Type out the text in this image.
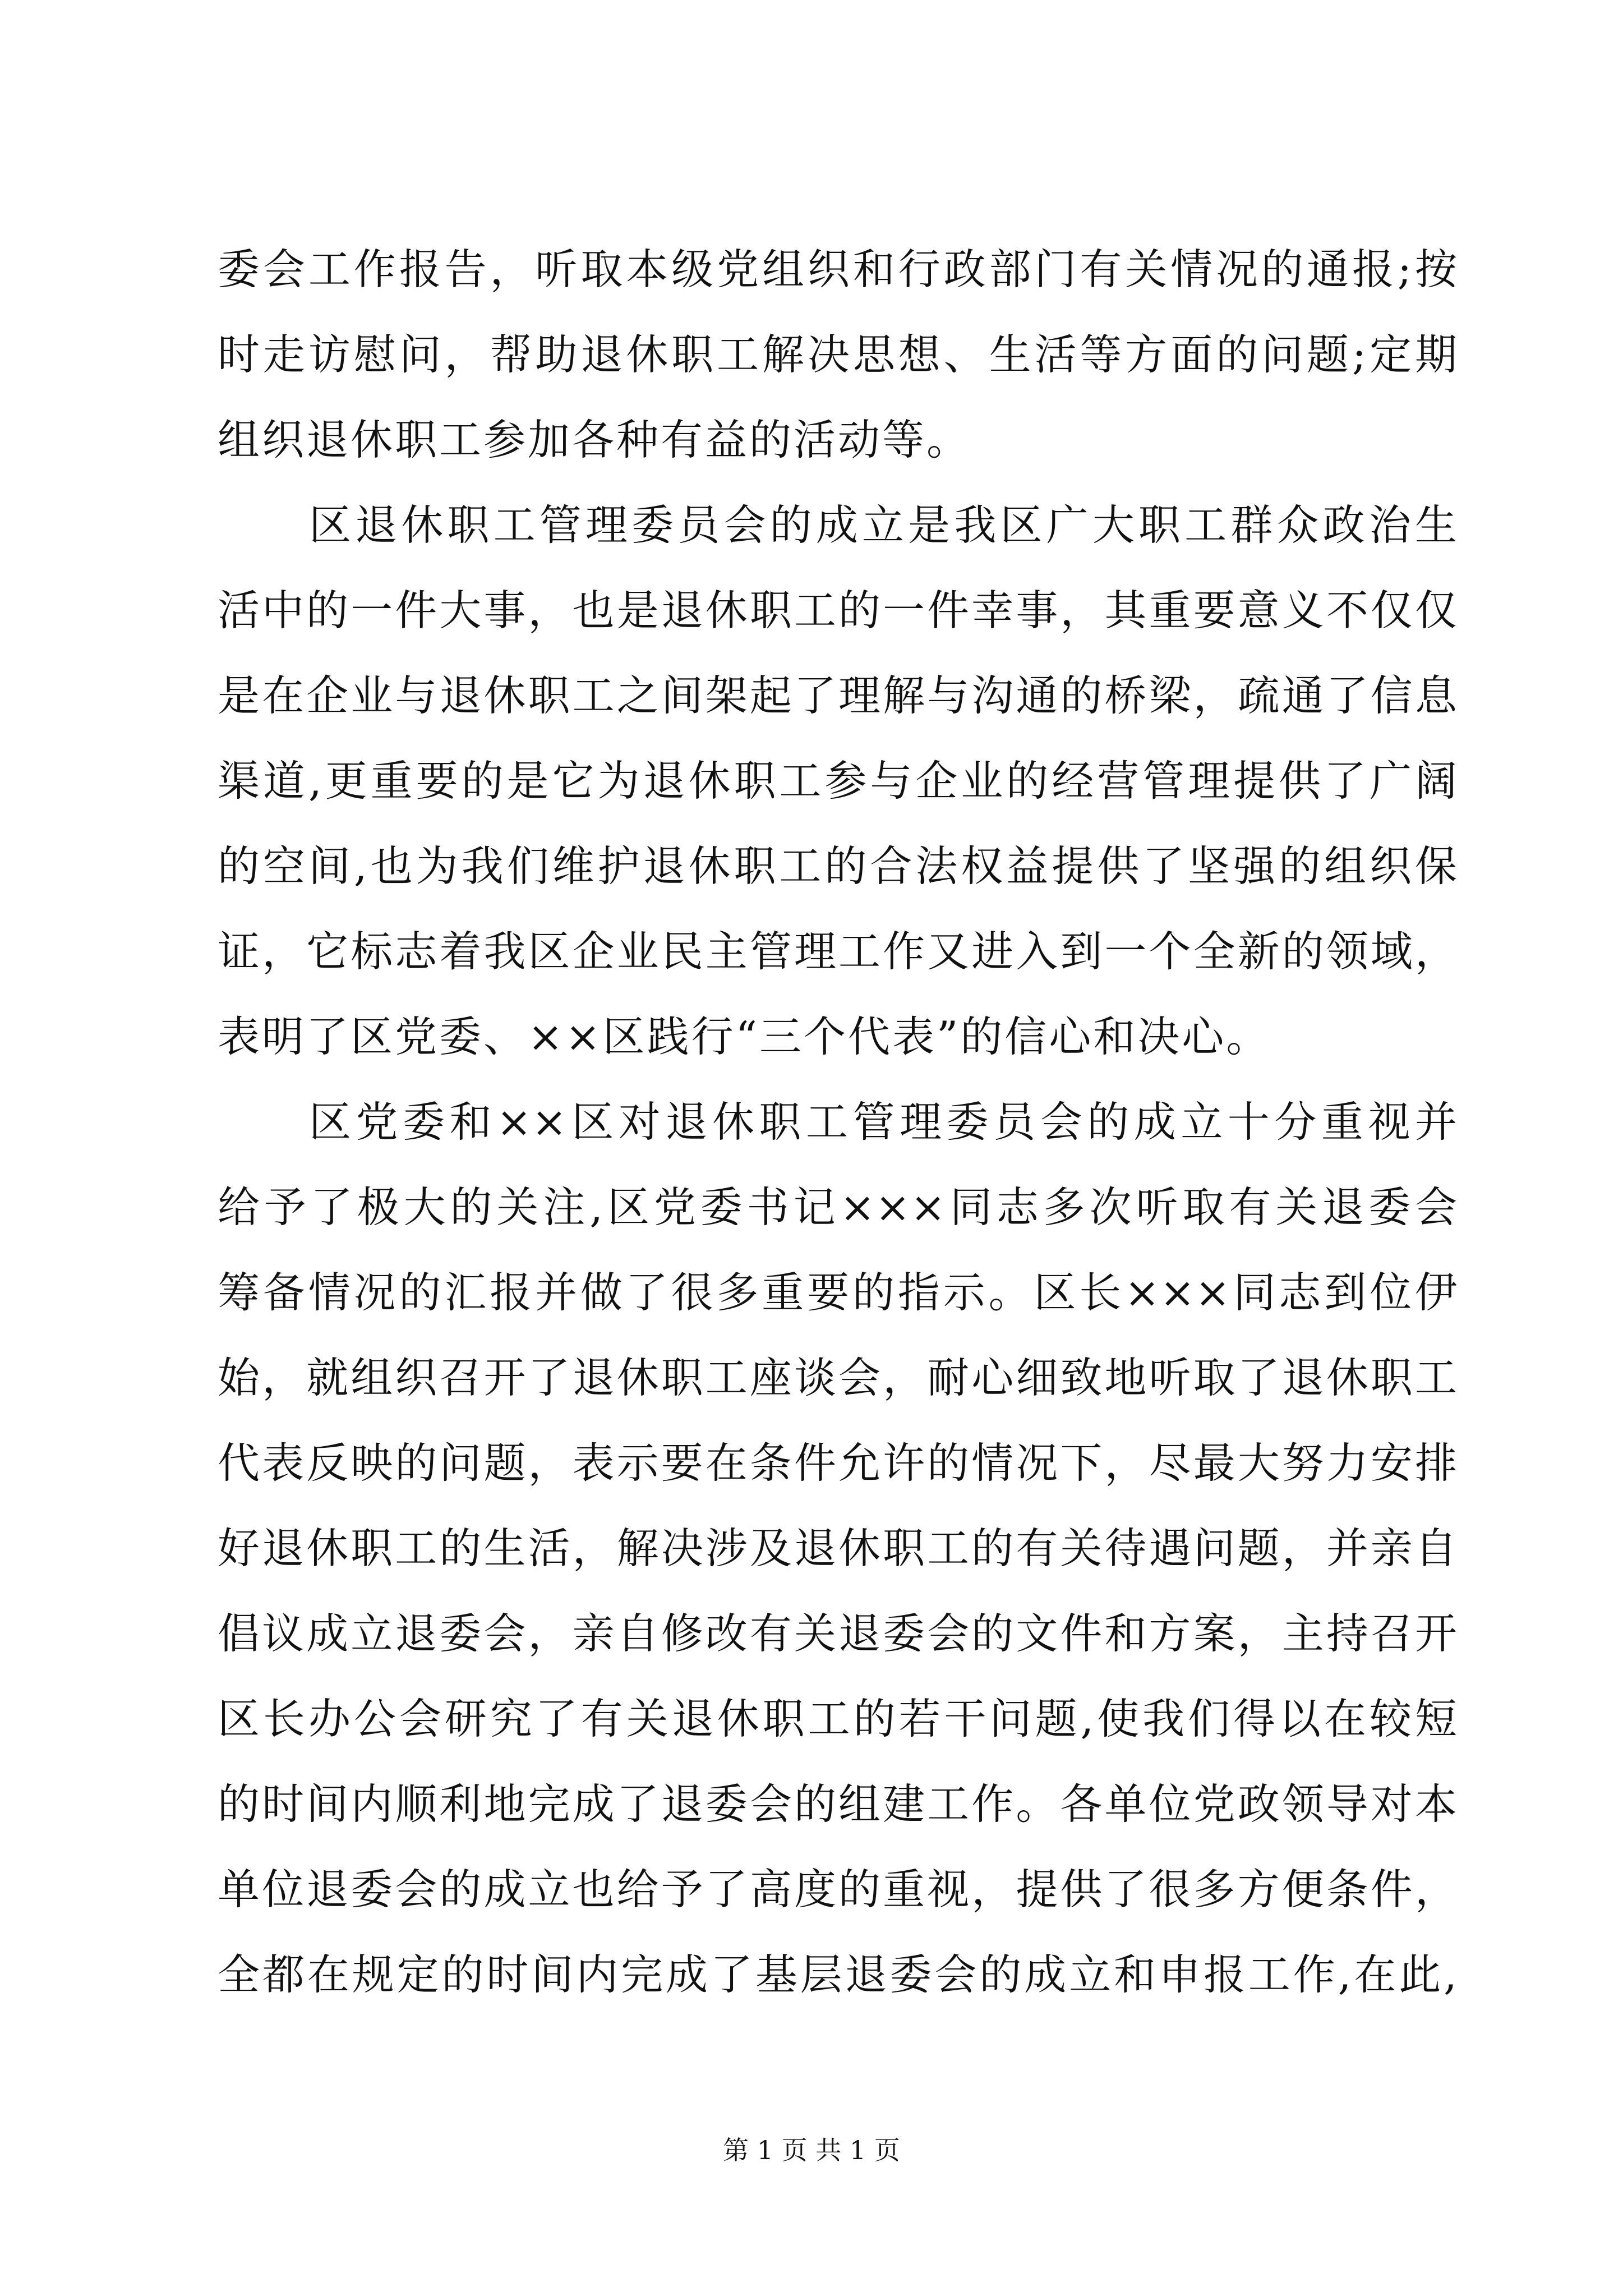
委会工作报告，听取本级党组织和行政部门有关情况的通报;按
时走访慰问，帮助退休职工解决思想、生活等方面的问题;定期
组织退休职工参加各种有益的活动等。
区退休职工管理委员会的成立是我区广大职工群众政治生
活中的一件大事，也是退休职工的一件幸事，其重要意义不仅仅
是在企业与退休职工之间架起了理解与沟通的桥梁，疏通了信息
渠道,更重要的是它为退休职工参与企业的经营管理提供了广阔
的空间,也为我们维护退休职工的合法权益提供了坚强的组织保
证，它标志着我区企业民主管理工作又进入到一个全新的领域，
表明了区党委、××区践行“三个代表”的信心和决心。
区党委和××区对退休职工管理委员会的成立十分重视并
给予了极大的关注,区党委书记×××同志多次听取有关退委会
筹备情况的汇报并做了很多重要的指示。区长×××同志到位伊
始，就组织召开了退休职工座谈会，耐心细致地听取了退休职工
代表反映的问题，表示要在条件允许的情况下，尽最大努力安排
好退休职工的生活，解决涉及退休职工的有关待遇问题，并亲自
倡议成立退委会，亲自修改有关退委会的文件和方案，主持召开
区长办公会研究了有关退休职工的若干问题,使我们得以在较短
的时间内顺利地完成了退委会的组建工作。各单位党政领导对本
单位退委会的成立也给予了高度的重视，提供了很多方便条件，
全都在规定的时间内完成了基层退委会的成立和申报工作,在此,
第 1 页 共 1 页
